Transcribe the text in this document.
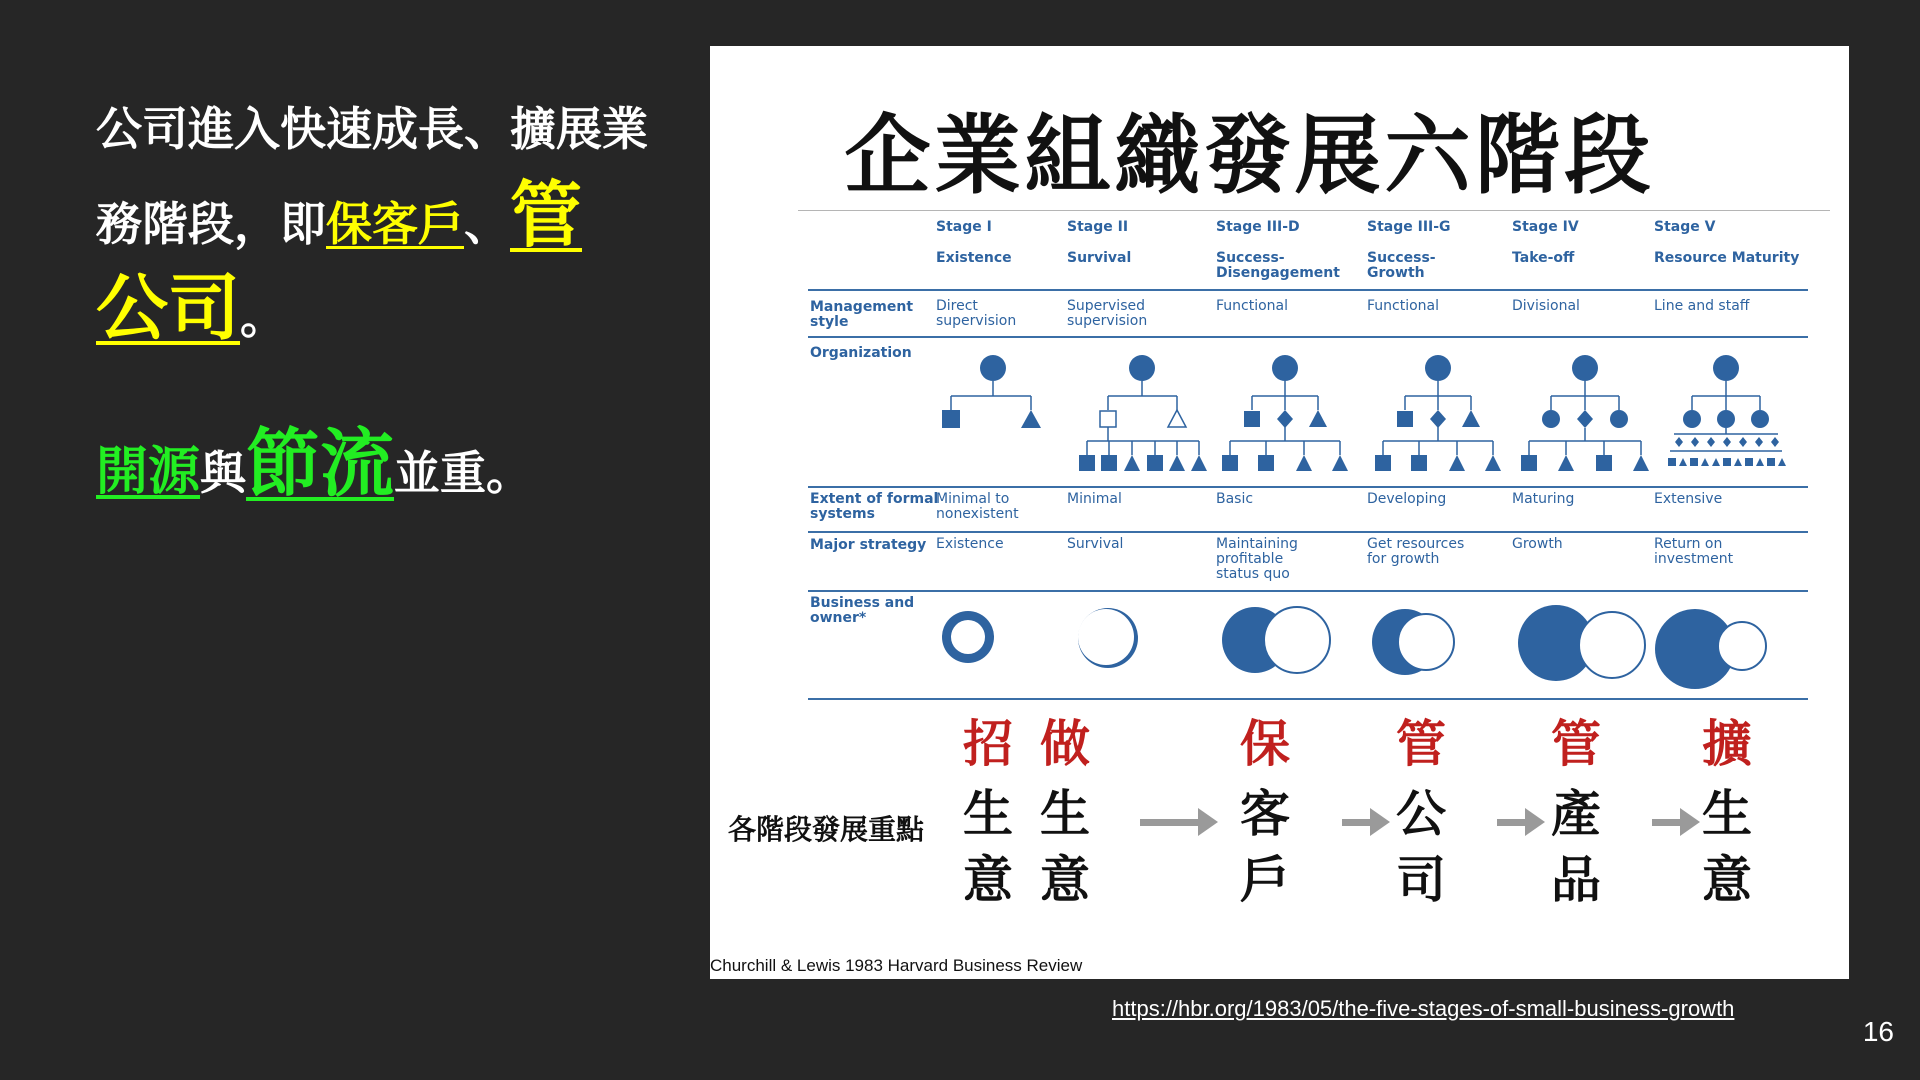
公司進入快速成長、擴展業
務階段，即保客戶、管
公司。
開源與節流並重。
企業組織發展六階段
Stage I
Existence
Stage II
Survival
Stage III-D
Success-
Disengagement
Stage III-G
Success-
Growth
Stage IV
Take-off
Stage V
Resource Maturity
Management
style
Organization
Extent of formal
systems
Major strategy
Business and
owner*
Direct
supervision
Minimal to
nonexistent
Existence
Supervised
supervision
Minimal
Survival
Functional
Basic
Maintaining
profitable
status quo
Functional
Developing
Get resources
for growth
Divisional
Maturing
Growth
Line and staff
Extensive
Return on
investment
各階段發展重點
招
生
意
做
生
意
保
客
戶
管
公
司
管
產
品
擴
生
意
Churchill & Lewis 1983 Harvard Business Review
https://hbr.org/1983/05/the-five-stages-of-small-business-growth
16
